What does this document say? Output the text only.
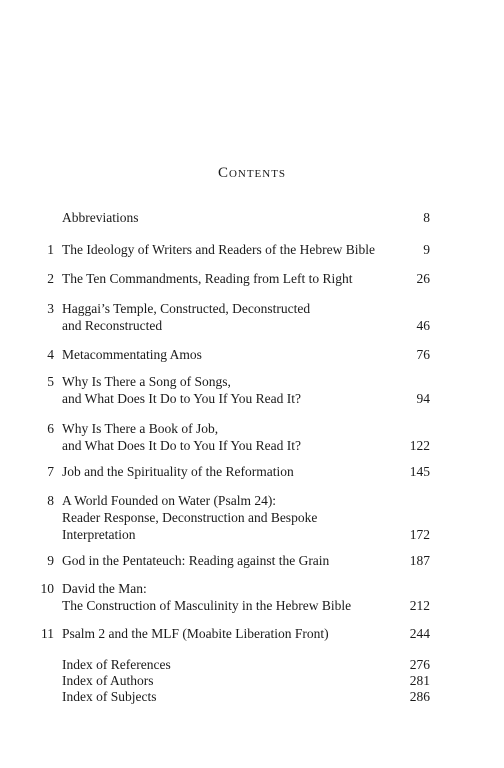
Contents
Abbreviations	8
1 The Ideology of Writers and Readers of the Hebrew Bible	9
2 The Ten Commandments, Reading from Left to Right	26
3 Haggai’s Temple, Constructed, Deconstructed
and Reconstructed	46
4 Metacommentating Amos	76
5 Why Is There a Song of Songs,
and What Does It Do to You If You Read It?	94
6 Why Is There a Book of Job,
and What Does It Do to You If You Read It?	122
7 Job and the Spirituality of the Reformation	145
8 A World Founded on Water (Psalm 24):
Reader Response, Deconstruction and Bespoke
Interpretation	172
9 God in the Pentateuch: Reading against the Grain	187
10 David the Man:
The Construction of Masculinity in the Hebrew Bible	212
11 Psalm 2 and the MLF (Moabite Liberation Front)	244
Index of References	276
Index of Authors	281
Index of Subjects	286
